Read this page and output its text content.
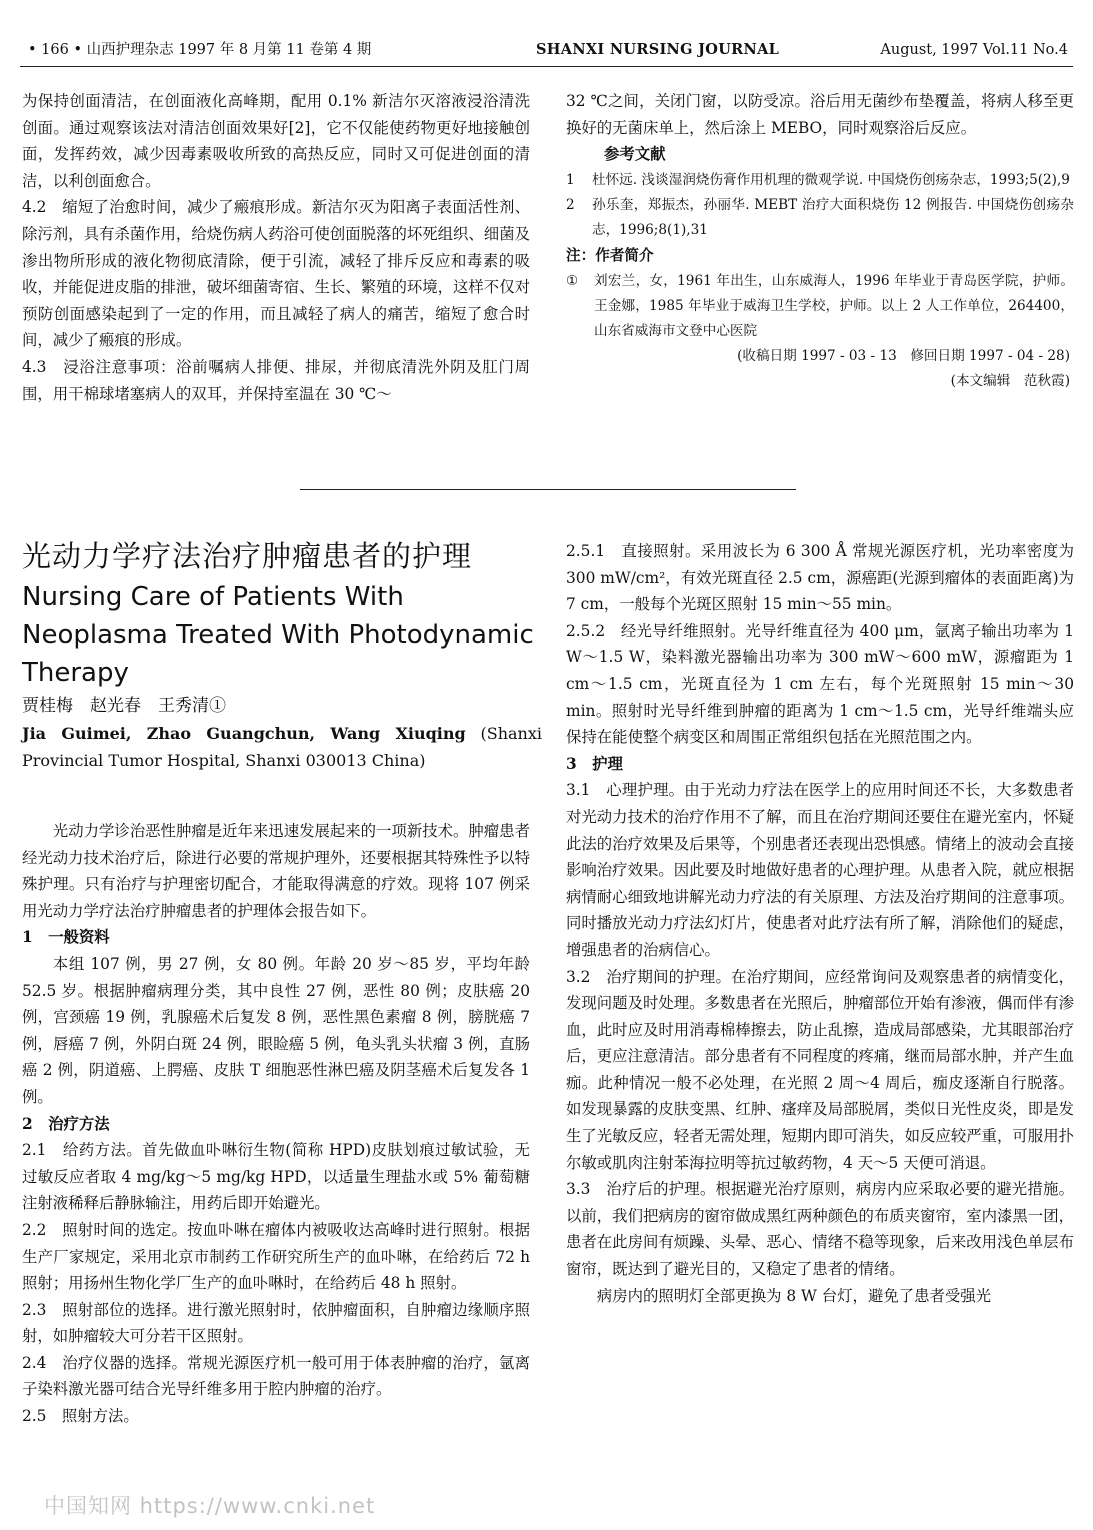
• 166 • 山西护理杂志 1997 年 8 月第 11 卷第 4 期	SHANXI NURSING JOURNAL	August, 1997 Vol.11 No.4

为保持创面清洁，在创面液化高峰期，配用 0.1% 新洁尔灭溶液浸浴清洗创面。通过观察该法对清洁创面效果好[2]，它不仅能使药物更好地接触创面，发挥药效，减少因毒素吸收所致的高热反应，同时又可促进创面的清洁，以利创面愈合。

4.2　缩短了治愈时间，减少了瘢痕形成。新洁尔灭为阳离子表面活性剂、除污剂，具有杀菌作用，给烧伤病人药浴可使创面脱落的坏死组织、细菌及渗出物所形成的液化物彻底清除，便于引流，减轻了排斥反应和毒素的吸收，并能促进皮脂的排泄，破坏细菌寄宿、生长、繁殖的环境，这样不仅对预防创面感染起到了一定的作用，而且减轻了病人的痛苦，缩短了愈合时间，减少了瘢痕的形成。

4.3　浸浴注意事项：浴前嘱病人排便、排尿，并彻底清洗外阴及肛门周围，用干棉球堵塞病人的双耳，并保持室温在 30 ℃～

32 ℃之间，关闭门窗，以防受凉。浴后用无菌纱布垫覆盖，将病人移至更换好的无菌床单上，然后涂上 MEBO，同时观察浴后反应。

参考文献

1 杜怀远. 浅谈湿润烧伤膏作用机理的微观学说. 中国烧伤创疡杂志，1993;5(2),9

2 孙乐奎，郑振杰，孙丽华. MEBT 治疗大面积烧伤 12 例报告. 中国烧伤创疡杂志，1996;8(1),31

注：作者简介

① 刘宏兰，女，1961 年出生，山东威海人，1996 年毕业于青岛医学院，护师。王金娜，1985 年毕业于威海卫生学校，护师。以上 2 人工作单位，264400，山东省威海市文登中心医院

(收稿日期 1997 - 03 - 13　修回日期 1997 - 04 - 28)

(本文编辑　范秋霞)

光动力学疗法治疗肿瘤患者的护理
Nursing Care of Patients With Neoplasma Treated With Photodynamic Therapy

贾桂梅　赵光春　王秀清①

Jia Guimei, Zhao Guangchun, Wang Xiuqing (Shanxi Provincial Tumor Hospital, Shanxi 030013 China)

光动力学诊治恶性肿瘤是近年来迅速发展起来的一项新技术。肿瘤患者经光动力技术治疗后，除进行必要的常规护理外，还要根据其特殊性予以特殊护理。只有治疗与护理密切配合，才能取得满意的疗效。现将 107 例采用光动力学疗法治疗肿瘤患者的护理体会报告如下。

1　一般资料

本组 107 例，男 27 例，女 80 例。年龄 20 岁～85 岁，平均年龄 52.5 岁。根据肿瘤病理分类，其中良性 27 例，恶性 80 例；皮肤癌 20 例，宫颈癌 19 例，乳腺癌术后复发 8 例，恶性黑色素瘤 8 例，膀胱癌 7 例，唇癌 7 例，外阴白斑 24 例，眼睑癌 5 例，龟头乳头状瘤 3 例，直肠癌 2 例，阴道癌、上腭癌、皮肤 T 细胞恶性淋巴癌及阴茎癌术后复发各 1 例。

2　治疗方法

2.1　给药方法。首先做血卟啉衍生物(简称 HPD)皮肤划痕过敏试验，无过敏反应者取 4 mg/kg～5 mg/kg HPD，以适量生理盐水或 5% 葡萄糖注射液稀释后静脉输注，用药后即开始避光。

2.2　照射时间的选定。按血卟啉在瘤体内被吸收达高峰时进行照射。根据生产厂家规定，采用北京市制药工作研究所生产的血卟啉，在给药后 72 h 照射；用扬州生物化学厂生产的血卟啉时，在给药后 48 h 照射。

2.3　照射部位的选择。进行激光照射时，依肿瘤面积，自肿瘤边缘顺序照射，如肿瘤较大可分若干区照射。

2.4　治疗仪器的选择。常规光源医疗机一般可用于体表肿瘤的治疗，氩离子染料激光器可结合光导纤维多用于腔内肿瘤的治疗。

2.5　照射方法。

2.5.1　直接照射。采用波长为 6 300 Å 常规光源医疗机，光功率密度为 300 mW/cm²，有效光斑直径 2.5 cm，源癌距(光源到瘤体的表面距离)为 7 cm，一般每个光斑区照射 15 min～55 min。

2.5.2　经光导纤维照射。光导纤维直径为 400 μm，氩离子输出功率为 1 W～1.5 W，染料激光器输出功率为 300 mW～600 mW，源瘤距为 1 cm～1.5 cm，光斑直径为 1 cm 左右，每个光斑照射 15 min～30 min。照射时光导纤维到肿瘤的距离为 1 cm～1.5 cm，光导纤维端头应保持在能使整个病变区和周围正常组织包括在光照范围之内。

3　护理

3.1　心理护理。由于光动力疗法在医学上的应用时间还不长，大多数患者对光动力技术的治疗作用不了解，而且在治疗期间还要住在避光室内，怀疑此法的治疗效果及后果等，个别患者还表现出恐惧感。情绪上的波动会直接影响治疗效果。因此要及时地做好患者的心理护理。从患者入院，就应根据病情耐心细致地讲解光动力疗法的有关原理、方法及治疗期间的注意事项。同时播放光动力疗法幻灯片，使患者对此疗法有所了解，消除他们的疑虑，增强患者的治病信心。

3.2　治疗期间的护理。在治疗期间，应经常询问及观察患者的病情变化，发现问题及时处理。多数患者在光照后，肿瘤部位开始有渗液，偶而伴有渗血，此时应及时用消毒棉棒擦去，防止乱擦，造成局部感染，尤其眼部治疗后，更应注意清洁。部分患者有不同程度的疼痛，继而局部水肿，并产生血痂。此种情况一般不必处理，在光照 2 周～4 周后，痂皮逐渐自行脱落。如发现暴露的皮肤变黑、红肿、瘙痒及局部脱屑，类似日光性皮炎，即是发生了光敏反应，轻者无需处理，短期内即可消失，如反应较严重，可服用扑尔敏或肌肉注射苯海拉明等抗过敏药物，4 天～5 天便可消退。

3.3　治疗后的护理。根据避光治疗原则，病房内应采取必要的避光措施。以前，我们把病房的窗帘做成黑红两种颜色的布质夹窗帘，室内漆黑一团，患者在此房间有烦躁、头晕、恶心、情绪不稳等现象，后来改用浅色单层布窗帘，既达到了避光目的，又稳定了患者的情绪。

病房内的照明灯全部更换为 8 W 台灯，避免了患者受强光

中国知网 https://www.cnki.net
